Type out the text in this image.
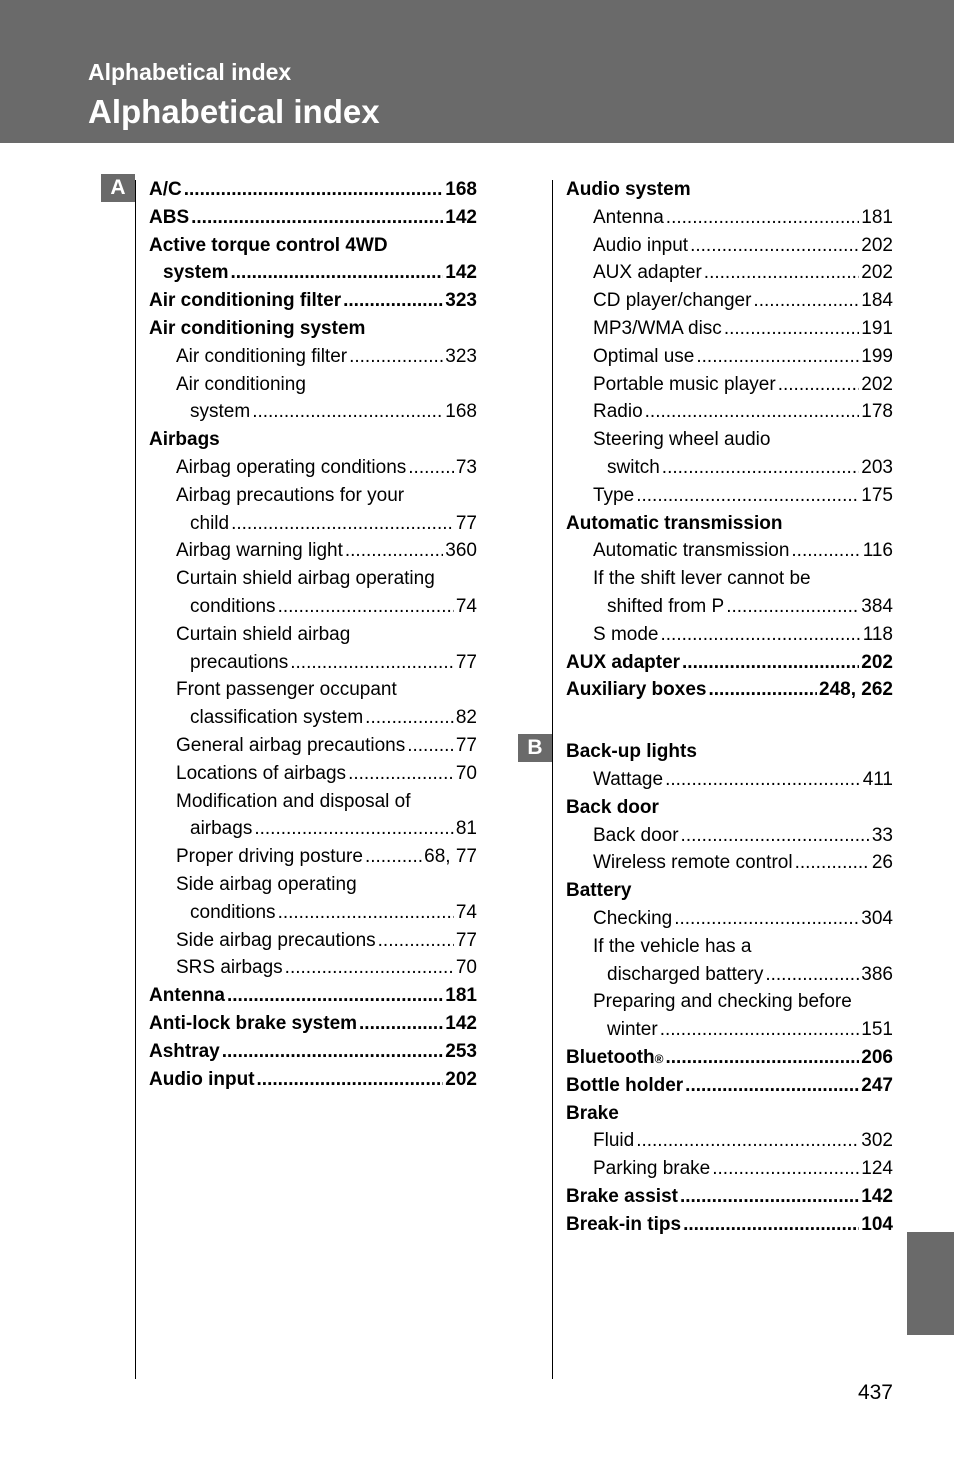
Alphabetical index
Alphabetical index
A	A/C .....	168
ABS .....	142
Active torque control 4WD
system .....	142
Air conditioning filter .....	323
Air conditioning system
Air conditioning filter .....	323
Air conditioning
system .....	168
Airbags
Airbag operating conditions .....	73
Airbag precautions for your
child .....	77
Airbag warning light .....	360
Curtain shield airbag operating
conditions .....	74
Curtain shield airbag
precautions .....	77
Front passenger occupant
classification system .....	82
General airbag precautions .....	77
Locations of airbags .....	70
Modification and disposal of
airbags .....	81
Proper driving posture .....	68, 77
Side airbag operating
conditions .....	74
Side airbag precautions .....	77
SRS airbags .....	70
Antenna .....	181
Anti-lock brake system .....	142
Ashtray .....	253
Audio input .....	202
Audio system
Antenna .....	181
Audio input .....	202
AUX adapter .....	202
CD player/changer .....	184
MP3/WMA disc .....	191
Optimal use .....	199
Portable music player .....	202
Radio .....	178
Steering wheel audio
switch .....	203
Type .....	175
Automatic transmission
Automatic transmission .....	116
If the shift lever cannot be
shifted from P .....	384
S mode .....	118
AUX adapter .....	202
Auxiliary boxes .....	248, 262
Back-up lights
Wattage .....	411
Back door
Back door .....	33
Wireless remote control .....	26
Battery
Checking .....	304
If the vehicle has a
discharged battery .....	386
Preparing and checking before
winter .....	151
Bluetooth ® .....	206
Bottle holder .....	247
Brake
Fluid .....	302
Parking brake .....	124
Brake assist .....	142
Break-in tips .....	104
B
437
